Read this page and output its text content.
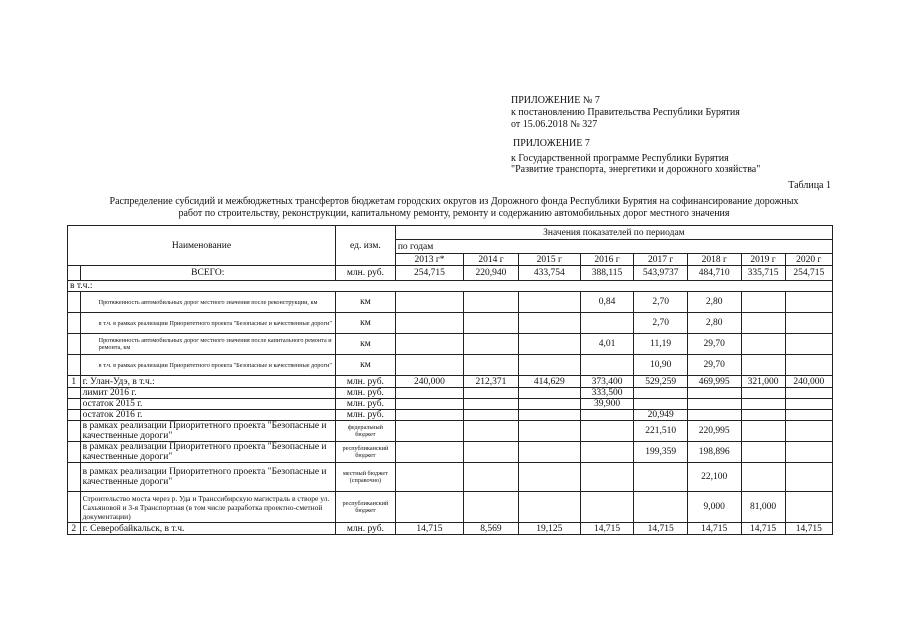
ПРИЛОЖЕНИЕ № 7
к постановлению Правительства Республики Бурятия
от 15.06.2018 № 327
ПРИЛОЖЕНИЕ 7
к Государственной программе Республики Бурятия
"Развитие транспорта, энергетики и дорожного хозяйства"
Таблица 1
Распределение субсидий и межбюджетных трансфертов бюджетам городских округов из Дорожного фонда Республики Бурятия на софинансирование дорожных
работ по строительству, реконструкции, капитальному ремонту, ремонту и содержанию автомобильных дорог местного значения
Наименование		ед. изм.	Значения показателей по периодам							
			по годам							
			2013 г*	2014 г	2015 г	2016 г	2017 г	2018 г	2019 г	2020 г
	ВСЕГО:	млн. руб.	254,715	220,940	433,754	388,115	543,9737	484,710	335,715	254,715
в т.ч.:										
	Протяженность автомобильных дорог местного значения после реконструкции, км	км				0,84	2,70	2,80		
	в т.ч. в рамках реализации Приоритетного проекта "Безопасные и качественные дороги"	км					2,70	2,80		
	Протяженность автомобильных дорог местного значения после капитального ремонта и ремонта, км	км				4,01	11,19	29,70		
	в т.ч. в рамках реализации Приоритетного проекта "Безопасные и качественные дороги"	км					10,90	29,70		
1	г. Улан-Удэ, в т.ч.:	млн. руб.	240,000	212,371	414,629	373,400	529,259	469,995	321,000	240,000
	лимит 2016 г.	млн. руб.				333,500				
	остаток 2015 г.	млн. руб.				39,900				
	остаток 2016 г.	млн. руб.					20,949			
	в рамках реализации Приоритетного проекта "Безопасные и качественные дороги"	федеральный бюджет					221,510	220,995		
	в рамках реализации Приоритетного проекта "Безопасные и качественные дороги"	республиканский бюджет					199,359	198,896		
	в рамках реализации Приоритетного проекта "Безопасные и качественные дороги"	местный бюджет (справочно)						22,100		
	Строительство моста через р. Уда и Транссибирскую магистраль в створе ул. Сахьяновой и 3-я Транспортная (в том числе разработка проектно-сметной документации)	республиканский бюджет						9,000	81,000	
2	г. Северобайкальск, в т.ч.	млн. руб.	14,715	8,569	19,125	14,715	14,715	14,715	14,715	14,715
